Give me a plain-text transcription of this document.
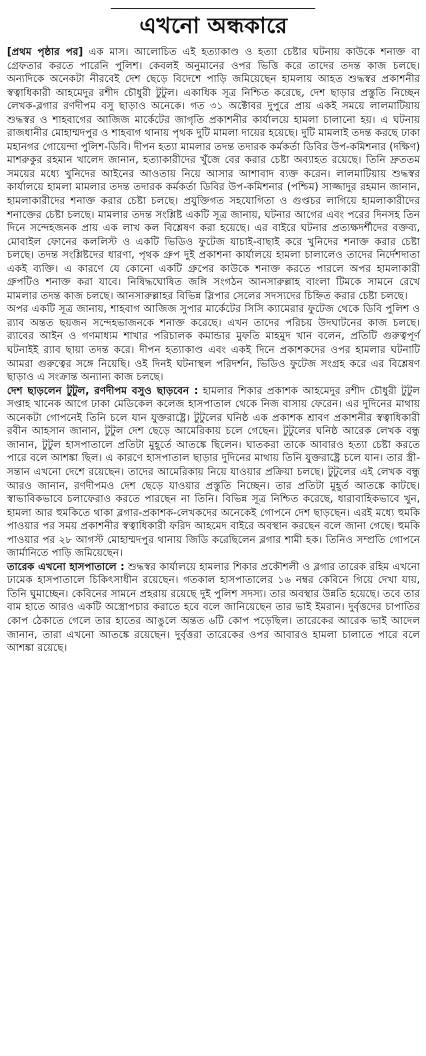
এখনো অন্ধকারে

[প্রথম পৃষ্ঠার পর] এক মাস। আলোচিত এই হত্যাকাণ্ড ও হত্যা চেষ্টার ঘটনায় কাউকে শনাক্ত বা গ্রেফতার করতে পারেনি পুলিশ। কেবলই অনুমানের ওপর ভিত্তি করে তাদের তদন্ত কাজ চলছে। অন্যদিকে অনেকটা নীরবেই দেশ ছেড়ে বিদেশে পাড়ি জমিয়েছেন হামলায় আহত শুদ্ধস্বর প্রকাশনীর স্বত্বাধিকারী আহমেদুর রশীদ চৌধুরী টুটুল। একাধিক সূত্র নিশ্চিত করেছে, দেশ ছাড়ার প্রস্তুতি নিচ্ছেন লেখক-ব্লগার রণদীপম বসু ছাড়াও অনেকে। গত ৩১ অক্টোবর দুপুরে প্রায় একই সময়ে লালমাটিয়ায় শুদ্ধস্বর ও শাহবাগের আজিজ মার্কেটের জাগৃতি প্রকাশনীর কার্যালয়ে হামলা চালানো হয়। এ ঘটনায় রাজধানীর মোহাম্মদপুর ও শাহবাগ থানায় পৃথক দুটি মামলা দায়ের হয়েছে। দুটি মামলাই তদন্ত করছে ঢাকা মহানগর গোয়েন্দা পুলিশ-ডিবি। দীপন হত্যা মামলার তদন্ত তদারক কর্মকর্তা ডিবির উপ-কমিশনার (দক্ষিণ) মাশরুকুর রহমান খালেদ জানান, হত্যাকারীদের খুঁজে বের করার চেষ্টা অব্যাহত রয়েছে। তিনি দ্রুততম সময়ের মধ্যে খুনিদের আইনের আওতায় নিয়ে আসার আশাবাদ ব্যক্ত করেন। লালমাটিয়ায় শুদ্ধস্বর কার্যালয়ে হামলা মামলার তদন্ত তদারক কর্মকর্তা ডিবির উপ-কমিশনার (পশ্চিম) সাজ্জাদুর রহমান জানান, হামলাকারীদের শনাক্ত করার চেষ্টা চলছে। প্রযুক্তিগত সহযোগিতা ও গুপ্তচর লাগিয়ে হামলাকারীদের শনাক্তের চেষ্টা চলছে। মামলার তদন্ত সংশ্লিষ্ট একটি সূত্র জানায়, ঘটনার আগের এবং পরের দিনসহ তিন দিনে সন্দেহজনক প্রায় এক লাখ কল বিশ্লেষণ করা হয়েছে। এর বাইরে ঘটনার প্রত্যক্ষদর্শীদের বক্তব্য, মোবাইল ফোনের কললিস্ট ও একটি ভিডিও ফুটেজ যাচাই-বাছাই করে খুনিদের শনাক্ত করার চেষ্টা চলছে। তদন্ত সংশ্লিষ্টদের ধারণা, পৃথক গ্রুপ দুই প্রকাশনা কার্যালয়ে হামলা চালালেও তাদের নির্দেশদাতা একই ব্যক্তি। এ কারণে যে কোনো একটি গ্রুপের কাউকে শনাক্ত করতে পারলে অপর হামলাকারী গ্রুপটিও শনাক্ত করা যাবে। নিষিদ্ধঘোষিত জঙ্গি সংগঠন আনসারুল্লাহ বাংলা টিমকে সামনে রেখে মামলার তদন্ত কাজ চলছে। আনসারুল্লাহর বিভিন্ন স্লিপার সেলের সদস্যদের চিহ্নিত করার চেষ্টা চলছে।

অপর একটি সূত্র জানায়, শাহবাগ আজিজ সুপার মার্কেটের সিসি ক্যামেরার ফুটেজ থেকে ডিবি পুলিশ ও র‌্যাব অন্তত ছয়জন সন্দেহভাজনকে শনাক্ত করেছে। এখন তাদের পরিচয় উদঘাটনের কাজ চলছে। র‌্যাবের আইন ও গণমাধ্যম শাখার পরিচালক কমান্ডার মুফতি মাহমুদ খান বলেন, প্রতিটি গুরুত্বপূর্ণ ঘটনাইই র‌্যাব ছায়া তদন্ত করে। দীপন হত্যাকাণ্ড এবং একই দিনে প্রকাশকদের ওপর হামলার ঘটনাটি আমরা গুরুত্বের সঙ্গে নিয়েছি। ওই দিনই ঘটনাস্থল পরিদর্শন, ভিডিও ফুটেজ সংগ্রহ করে এর বিশ্লেষণ ছাড়াও এ সংক্রান্ত অন্যান্য কাজ চলছে।

দেশ ছাড়লেন টুটুল, রণদীপম বসুও ছাড়বেন : হামলার শিকার প্রকাশক আহমেদুর রশীদ চৌধুরী টুটুল সপ্তাহ খানেক আগে ঢাকা মেডিকেল কলেজ হাসপাতাল থেকে নিজ বাসায় ফেরেন। এর দুদিনের মাথায় অনেকটা গোপনেই তিনি চলে যান যুক্তরাষ্ট্রে। টুটুলের ঘনিষ্ঠ এক প্রকাশক শ্রাবণ প্রকাশনীর স্বত্বাধিকারী রবীন আহসান জানান, টুটুল দেশ ছেড়ে আমেরিকায় চলে গেছেন। টুটুলের ঘনিষ্ঠ আরেক লেখক বন্ধু জানান, টুটুল হাসপাতালে প্রতিটা মুহূর্তে আতঙ্কে ছিলেন। ঘাতকরা তাকে আবারও হত্যা চেষ্টা করতে পারে বলে আশঙ্কা ছিল। এ কারণে হাসপাতাল ছাড়ার দুদিনের মাথায় তিনি যুক্তরাষ্ট্রে চলে যান। তার স্ত্রী-সন্তান এখনো দেশে রয়েছেন। তাদের আমেরিকায় নিয়ে যাওয়ার প্রক্রিয়া চলছে। টুটুলের এই লেখক বন্ধু আরও জানান, রণদীপমও দেশ ছেড়ে যাওয়ার প্রস্তুতি নিচ্ছেন। তার প্রতিটা মুহূর্ত আতঙ্কে কাটছে। স্বাভাবিকভাবে চলাফেরাও করতে পারছেন না তিনি। বিভিন্ন সূত্র নিশ্চিত করেছে, ধারাবাহিকভাবে খুন, হামলা আর হুমকিতে থাকা ব্লগার-প্রকাশক-লেখকদের অনেকেই গোপনে দেশ ছাড়ছেন। এরই মধ্যে হুমকি পাওয়ার পর সময় প্রকাশনীর স্বত্বাধিকারী ফরিদ আহমেদ বাইরে অবস্থান করছেন বলে জানা গেছে। হুমকি পাওয়ার পর ২৮ আগস্ট মোহাম্মদপুর থানায় জিডি করেছিলেন ব্লগার শামী হক। তিনিও সম্প্রতি গোপনে জার্মানিতে পাড়ি জমিয়েছেন।

তারেক এখনো হাসপাতালে : শুদ্ধস্বর কার্যালয়ে হামলার শিকার প্রকৌশলী ও ব্লগার তারেক রহিম এখনো ঢামেক হাসপাতালে চিকিৎসাধীন রয়েছেন। গতকাল হাসপাতালের ১৬ নম্বর কেবিনে গিয়ে দেখা যায়, তিনি ঘুমাচ্ছেন। কেবিনের সামনে প্রহরায় রয়েছে দুই পুলিশ সদস্য। তার অবস্থার উন্নতি হয়েছে। তবে তার বাম হাতে আরও একটি অস্ত্রোপচার করাতে হবে বলে জানিয়েছেন তার ভাই ইমরান। দুর্বৃত্তদের চাপাতির কোপ ঠেকাতে গেলে তার হাতের আঙুলে অন্তত ৬টি কোপ পড়েছিল। তারেকের আরেক ভাই আদেল জানান, তারা এখনো আতঙ্কে রয়েছেন। দুর্বৃত্তরা তারেকের ওপর আবারও হামলা চালাতে পারে বলে আশঙ্কা রয়েছে।
